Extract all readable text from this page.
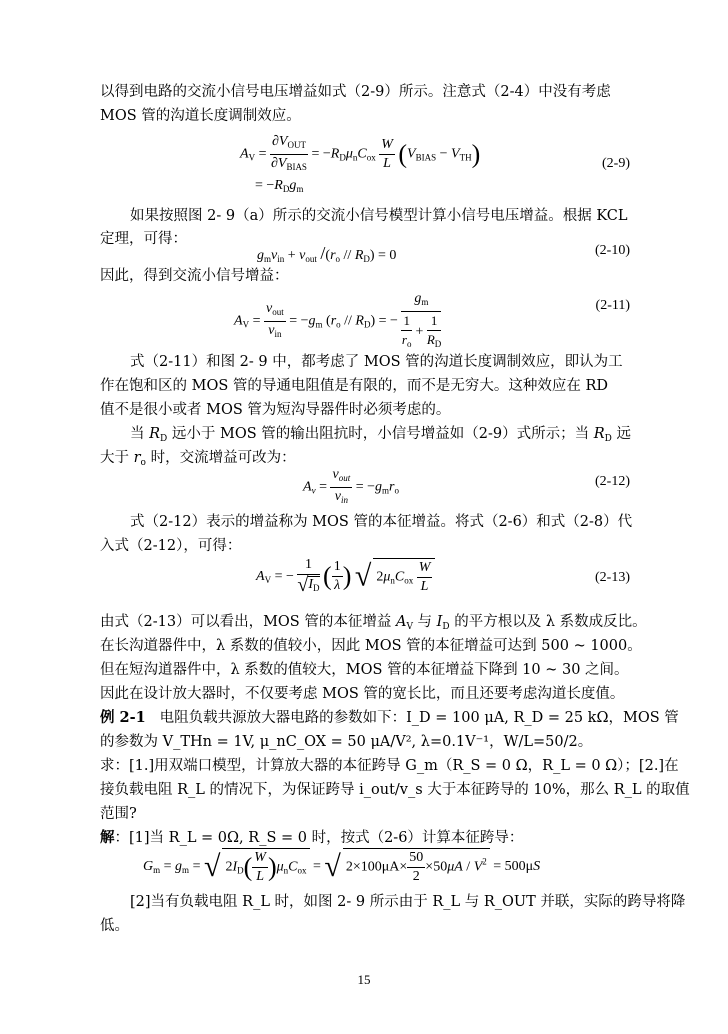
以得到电路的交流小信号电压增益如式（2-9）所示。注意式（2-4）中没有考虑
MOS 管的沟道长度调制效应。
$A_V = \frac{\partial V_{OUT}}{\partial V_{BIAS}} = -R_D\mu_nC_{ox} \frac{W}{L} (V_{BIAS} - V_{TH})$
= $-R_Dg_m$
(2-9)
如果按照图 2- 9（a）所示的交流小信号模型计算小信号电压增益。根据 KCL
定理，可得：
$g_mv_{in} + v_{out}$ $/(r_o // R_D) = 0$	(2-10)
因此，得到交流小信号增益：
$A_V = \frac{v_{out}}{v_{in}} = -g_m$ $(r_o // R_D)$ = − $\frac{g_m}{\frac{1}{r_o} + \frac{1}{R_D}}$	(2-11)
式（2-11）和图 2- 9 中，都考虑了 MOS 管的沟道长度调制效应，即认为工
作在饱和区的 MOS 管的导通电阻值是有限的，而不是无穷大。这种效应在 RD
值不是很小或者 MOS 管为短沟导器件时必须考虑的。
当 $R_D$ 远小于 MOS 管的输出阻抗时，小信号增益如（2-9）式所示；当 $R_D$ 远
大于 $r_o$ 时，交流增益可改为：
$A_v = \frac{v_{out}}{v_{in}} = -g_mr_o$
(2-12)
式（2-12）表示的增益称为 MOS 管的本征增益。将式（2-6）和式（2-8）代
入式（2-12），可得：
$A_V$ = − $\frac{1}{√I_D}$ ( $\frac{1}{\lambda}$ ) √ $2\mu_nC_{ox} \frac{W}{L}$	(2-13)
由式（2-13）可以看出，MOS 管的本征增益 $A_V$ 与 $I_D$ 的平方根以及 λ 系数成反比。
在长沟道器件中，λ 系数的值较小，因此 MOS 管的本征增益可达到 500 ~ 1000。
但在短沟道器件中，λ 系数的值较大，MOS 管的本征增益下降到 10 ~ 30 之间。
因此在设计放大器时，不仅要考虑 MOS 管的宽长比，而且还要考虑沟道长度值。
例 2-1 电阻负载共源放大器电路的参数如下：I_D = 100 μA, R_D = 25 kΩ，MOS 管
的参数为 V_THn = 1V, μ_nC_OX = 50 μA/V², λ=0.1V⁻¹，W/L=50/2。
求：[1.]用双端口模型，计算放大器的本征跨导 G_m（R_S = 0 Ω，R_L = 0 Ω）；[2.]在
接负载电阻 R_L 的情况下，为保证跨导 i_out/v_s 大于本征跨导的 10%，那么 R_L 的取值
范围?
解：[1]当 R_L = 0Ω, R_S = 0 时，按式（2-6）计算本征跨导：
$G_m = g_m$ = √ $2I_D( \frac{W}{L} )\mu_nC_{ox}$ = √ $2\times 100\mu A\times \frac{50}{2} \times 50\mu A / V^2 = 500\mu S$
[2]当有负载电阻 R_L 时，如图 2- 9 所示由于 R_L 与 R_OUT 并联，实际的跨导将降
低。
15
